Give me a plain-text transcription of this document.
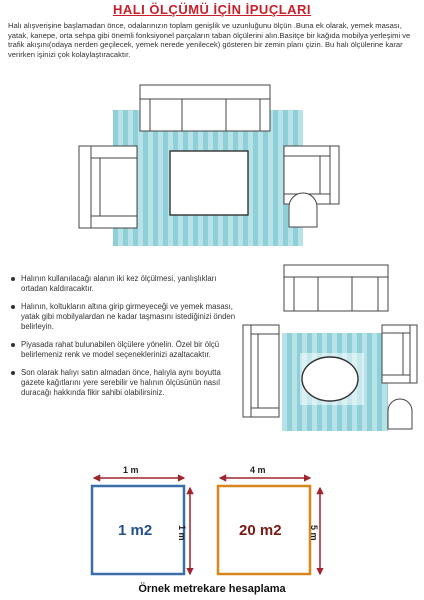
HALI ÖLÇÜMÜ İÇİN İPUÇLARI
Halı alışverişine başlamadan önce, odalarınızın toplam genişlik ve uzunluğunu ölçün .Buna ek olarak, yemek masası, yatak, kanepe, orta sehpa gibi önemli fonksiyonel parçaların taban ölçülerini alın.Basitçe bir kağıda mobilya yerleşimi ve trafik akışını(odaya nerden geçilecek, yemek nerede yenilecek) gösteren bir zemin planı çizin. Bu halı ölçülerine karar verirken işinizi çok kolaylaştıracaktır.
Halının kullanılacağı alanın iki kez ölçülmesi, yanlışlıkları ortadan kaldıracaktır.
Halının, koltukların altına girip girmeyeceği ve yemek masası, yatak gibi mobilyalardan ne kadar taşmasını istediğinizi önden belirleyin.
Piyasada rahat bulunabilen ölçülere yönelin. Özel bir ölçü belirlemeniz renk ve model seçeneklerinizi azaltacaktır.
Son olarak halıyı satın almadan önce, halıyla aynı boyutta gazete kağıtlarını yere serebilir ve halının ölçüsünün nasıl duracağı hakkında fikir sahibi olabilirsiniz.
1 m
1 m2	1 m
4 m
20 m2	5 m
Örnek metrekare hesaplama
